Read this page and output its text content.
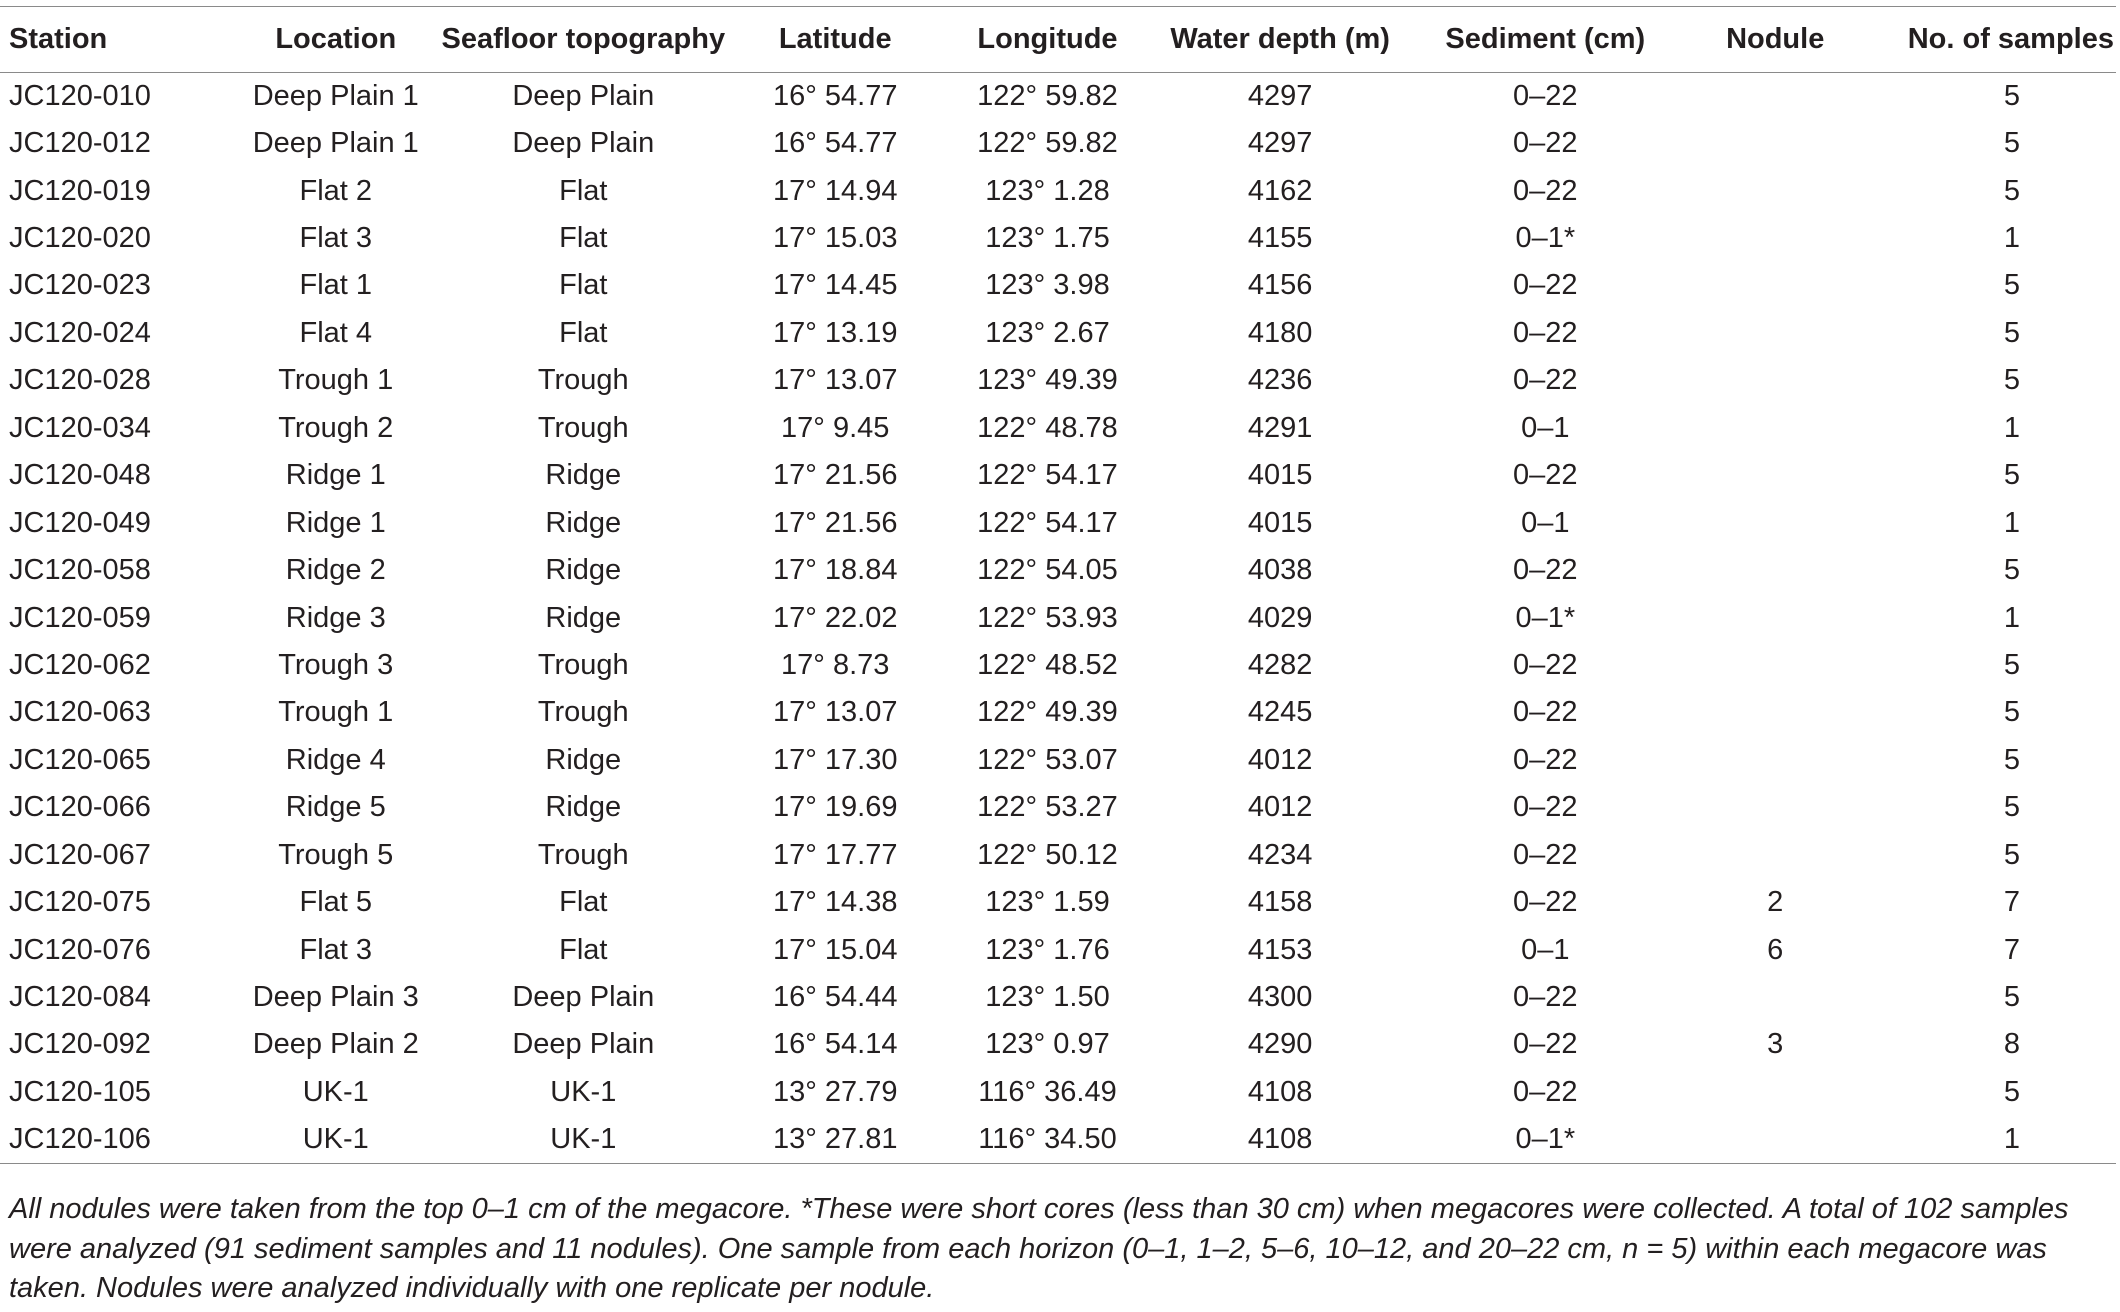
Station	Location	Seafloor topography	Latitude	Longitude	Water depth (m)	Sediment (cm)	Nodule	No. of samples
JC120-010	Deep Plain 1	Deep Plain	16° 54.77	122° 59.82	4297	0–22		5
JC120-012	Deep Plain 1	Deep Plain	16° 54.77	122° 59.82	4297	0–22		5
JC120-019	Flat 2	Flat	17° 14.94	123° 1.28	4162	0–22		5
JC120-020	Flat 3	Flat	17° 15.03	123° 1.75	4155	0–1*		1
JC120-023	Flat 1	Flat	17° 14.45	123° 3.98	4156	0–22		5
JC120-024	Flat 4	Flat	17° 13.19	123° 2.67	4180	0–22		5
JC120-028	Trough 1	Trough	17° 13.07	123° 49.39	4236	0–22		5
JC120-034	Trough 2	Trough	17° 9.45	122° 48.78	4291	0–1		1
JC120-048	Ridge 1	Ridge	17° 21.56	122° 54.17	4015	0–22		5
JC120-049	Ridge 1	Ridge	17° 21.56	122° 54.17	4015	0–1		1
JC120-058	Ridge 2	Ridge	17° 18.84	122° 54.05	4038	0–22		5
JC120-059	Ridge 3	Ridge	17° 22.02	122° 53.93	4029	0–1*		1
JC120-062	Trough 3	Trough	17° 8.73	122° 48.52	4282	0–22		5
JC120-063	Trough 1	Trough	17° 13.07	122° 49.39	4245	0–22		5
JC120-065	Ridge 4	Ridge	17° 17.30	122° 53.07	4012	0–22		5
JC120-066	Ridge 5	Ridge	17° 19.69	122° 53.27	4012	0–22		5
JC120-067	Trough 5	Trough	17° 17.77	122° 50.12	4234	0–22		5
JC120-075	Flat 5	Flat	17° 14.38	123° 1.59	4158	0–22	2	7
JC120-076	Flat 3	Flat	17° 15.04	123° 1.76	4153	0–1	6	7
JC120-084	Deep Plain 3	Deep Plain	16° 54.44	123° 1.50	4300	0–22		5
JC120-092	Deep Plain 2	Deep Plain	16° 54.14	123° 0.97	4290	0–22	3	8
JC120-105	UK-1	UK-1	13° 27.79	116° 36.49	4108	0–22		5
JC120-106	UK-1	UK-1	13° 27.81	116° 34.50	4108	0–1*		1
All nodules were taken from the top 0–1 cm of the megacore. *These were short cores (less than 30 cm) when megacores were collected. A total of 102 samples were analyzed (91 sediment samples and 11 nodules). One sample from each horizon (0–1, 1–2, 5–6, 10–12, and 20–22 cm, n = 5) within each megacore was taken. Nodules were analyzed individually with one replicate per nodule.
